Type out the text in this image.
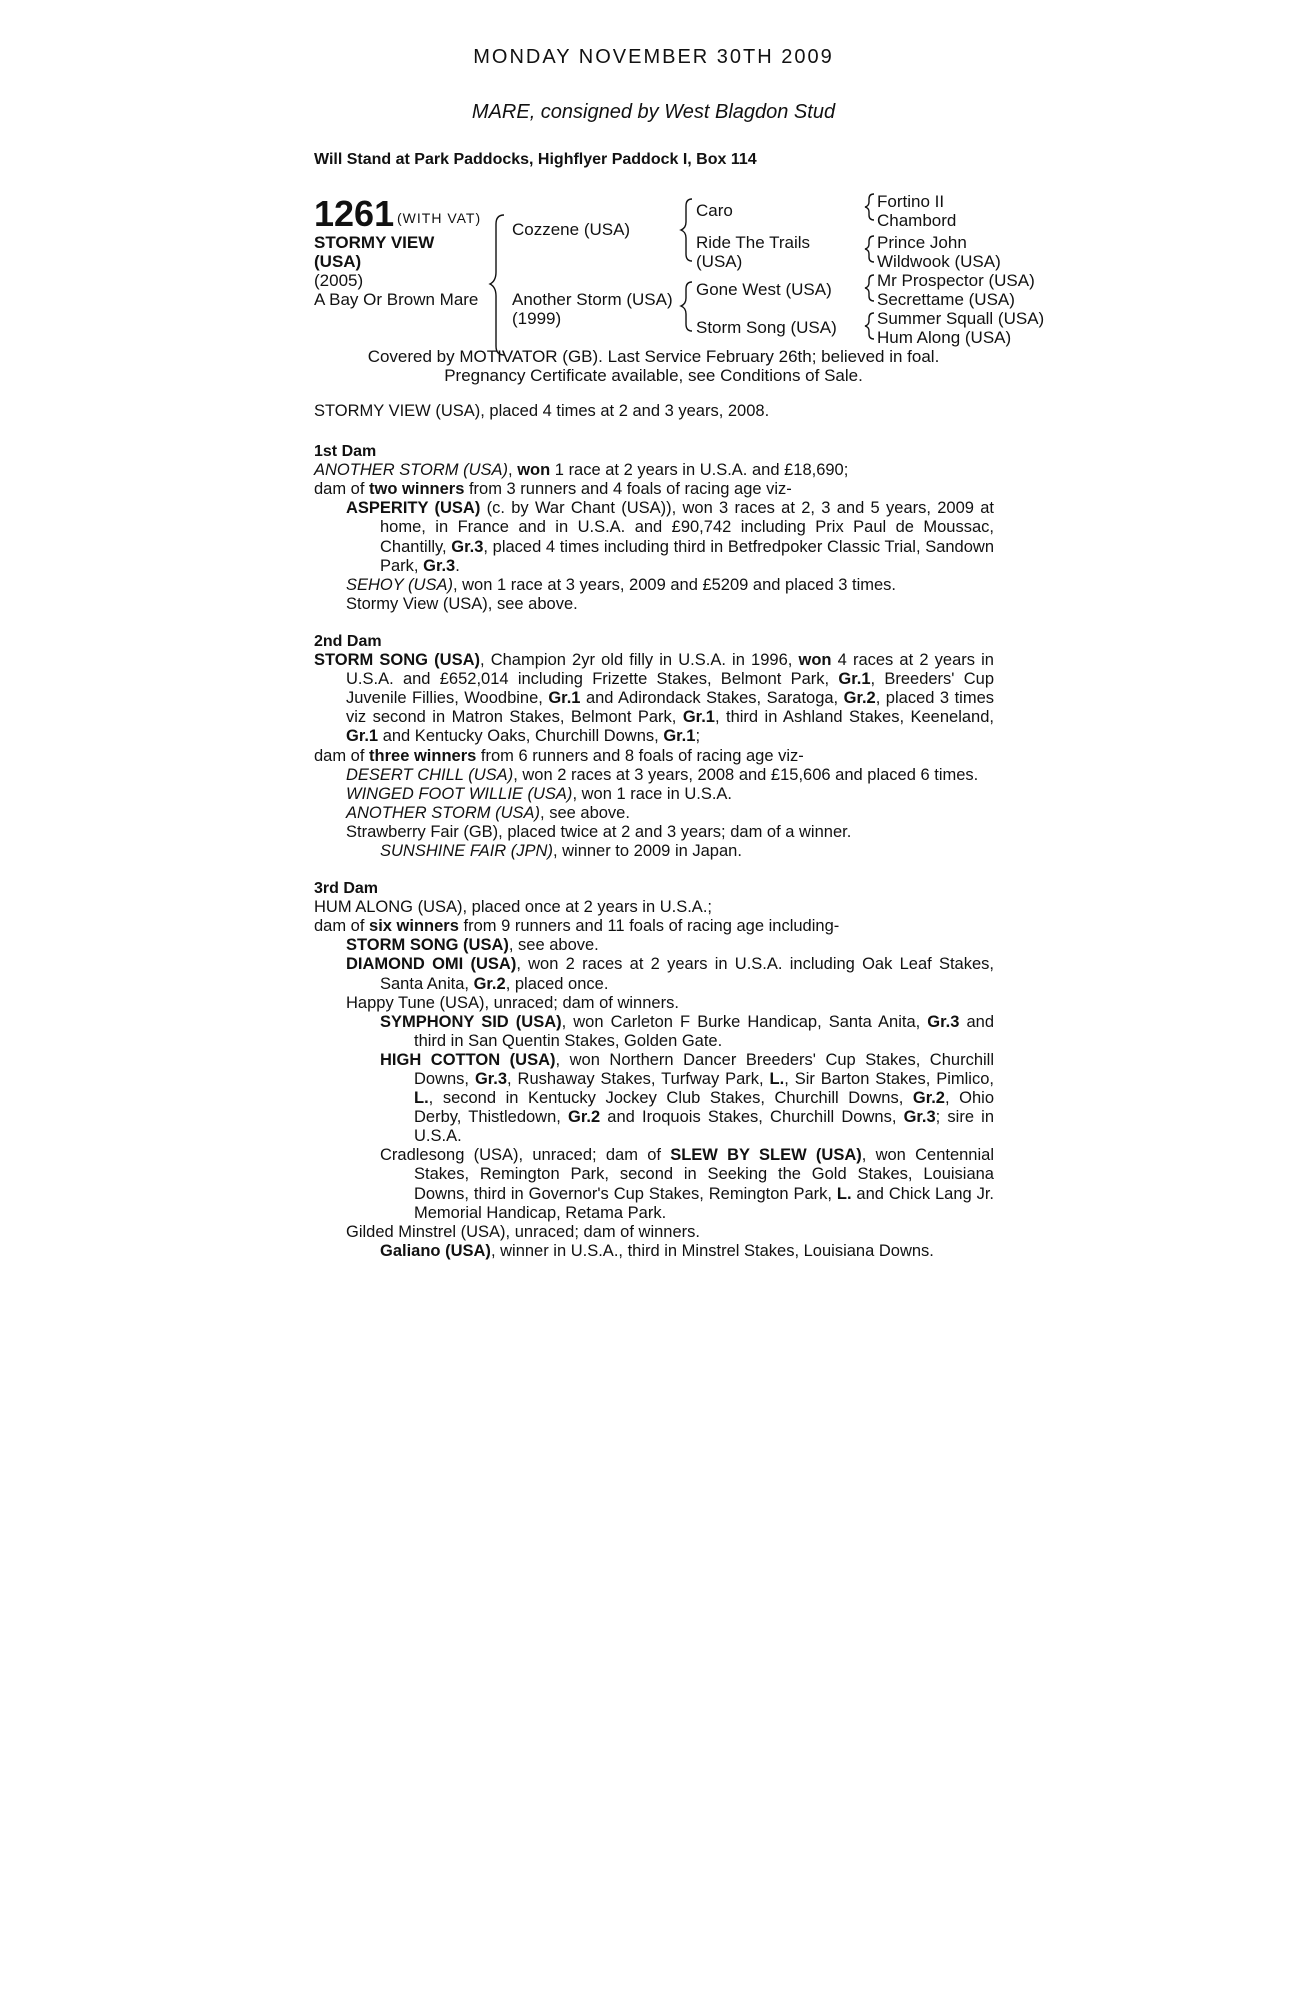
MONDAY NOVEMBER 30TH 2009
MARE, consigned by West Blagdon Stud
Will Stand at Park Paddocks, Highflyer Paddock I, Box 114
1261 (WITH VAT)
STORMY VIEW
(USA)
(2005)
A Bay Or Brown Mare
Cozzene (USA)
Another Storm (USA)
(1999)
Caro
Ride The Trails
(USA)
Gone West (USA)
Storm Song (USA)
Fortino II
Chambord
Prince John
Wildwook (USA)
Mr Prospector (USA)
Secrettame (USA)
Summer Squall (USA)
Hum Along (USA)
Covered by MOTIVATOR (GB). Last Service February 26th; believed in foal.
Pregnancy Certificate available, see Conditions of Sale.

STORMY VIEW (USA), placed 4 times at 2 and 3 years, 2008.

1st Dam

ANOTHER STORM (USA), won 1 race at 2 years in U.S.A. and £18,690;

dam of two winners from 3 runners and 4 foals of racing age viz-

ASPERITY (USA) (c. by War Chant (USA)), won 3 races at 2, 3 and 5 years, 2009 at home, in France and in U.S.A. and £90,742 including Prix Paul de Moussac, Chantilly, Gr.3, placed 4 times including third in Betfredpoker Classic Trial, Sandown Park, Gr.3.

SEHOY (USA), won 1 race at 3 years, 2009 and £5209 and placed 3 times.

Stormy View (USA), see above.

2nd Dam

STORM SONG (USA), Champion 2yr old filly in U.S.A. in 1996, won 4 races at 2 years in U.S.A. and £652,014 including Frizette Stakes, Belmont Park, Gr.1, Breeders' Cup Juvenile Fillies, Woodbine, Gr.1 and Adirondack Stakes, Saratoga, Gr.2, placed 3 times viz second in Matron Stakes, Belmont Park, Gr.1, third in Ashland Stakes, Keeneland, Gr.1 and Kentucky Oaks, Churchill Downs, Gr.1;

dam of three winners from 6 runners and 8 foals of racing age viz-

DESERT CHILL (USA), won 2 races at 3 years, 2008 and £15,606 and placed 6 times.

WINGED FOOT WILLIE (USA), won 1 race in U.S.A.

ANOTHER STORM (USA), see above.

Strawberry Fair (GB), placed twice at 2 and 3 years; dam of a winner.

SUNSHINE FAIR (JPN), winner to 2009 in Japan.

3rd Dam

HUM ALONG (USA), placed once at 2 years in U.S.A.;

dam of six winners from 9 runners and 11 foals of racing age including-

STORM SONG (USA), see above.

DIAMOND OMI (USA), won 2 races at 2 years in U.S.A. including Oak Leaf Stakes, Santa Anita, Gr.2, placed once.

Happy Tune (USA), unraced; dam of winners.

SYMPHONY SID (USA), won Carleton F Burke Handicap, Santa Anita, Gr.3 and third in San Quentin Stakes, Golden Gate.

HIGH COTTON (USA), won Northern Dancer Breeders' Cup Stakes, Churchill Downs, Gr.3, Rushaway Stakes, Turfway Park, L., Sir Barton Stakes, Pimlico, L., second in Kentucky Jockey Club Stakes, Churchill Downs, Gr.2, Ohio Derby, Thistledown, Gr.2 and Iroquois Stakes, Churchill Downs, Gr.3; sire in U.S.A.

Cradlesong (USA), unraced; dam of SLEW BY SLEW (USA), won Centennial Stakes, Remington Park, second in Seeking the Gold Stakes, Louisiana Downs, third in Governor's Cup Stakes, Remington Park, L. and Chick Lang Jr. Memorial Handicap, Retama Park.

Gilded Minstrel (USA), unraced; dam of winners.

Galiano (USA), winner in U.S.A., third in Minstrel Stakes, Louisiana Downs.
